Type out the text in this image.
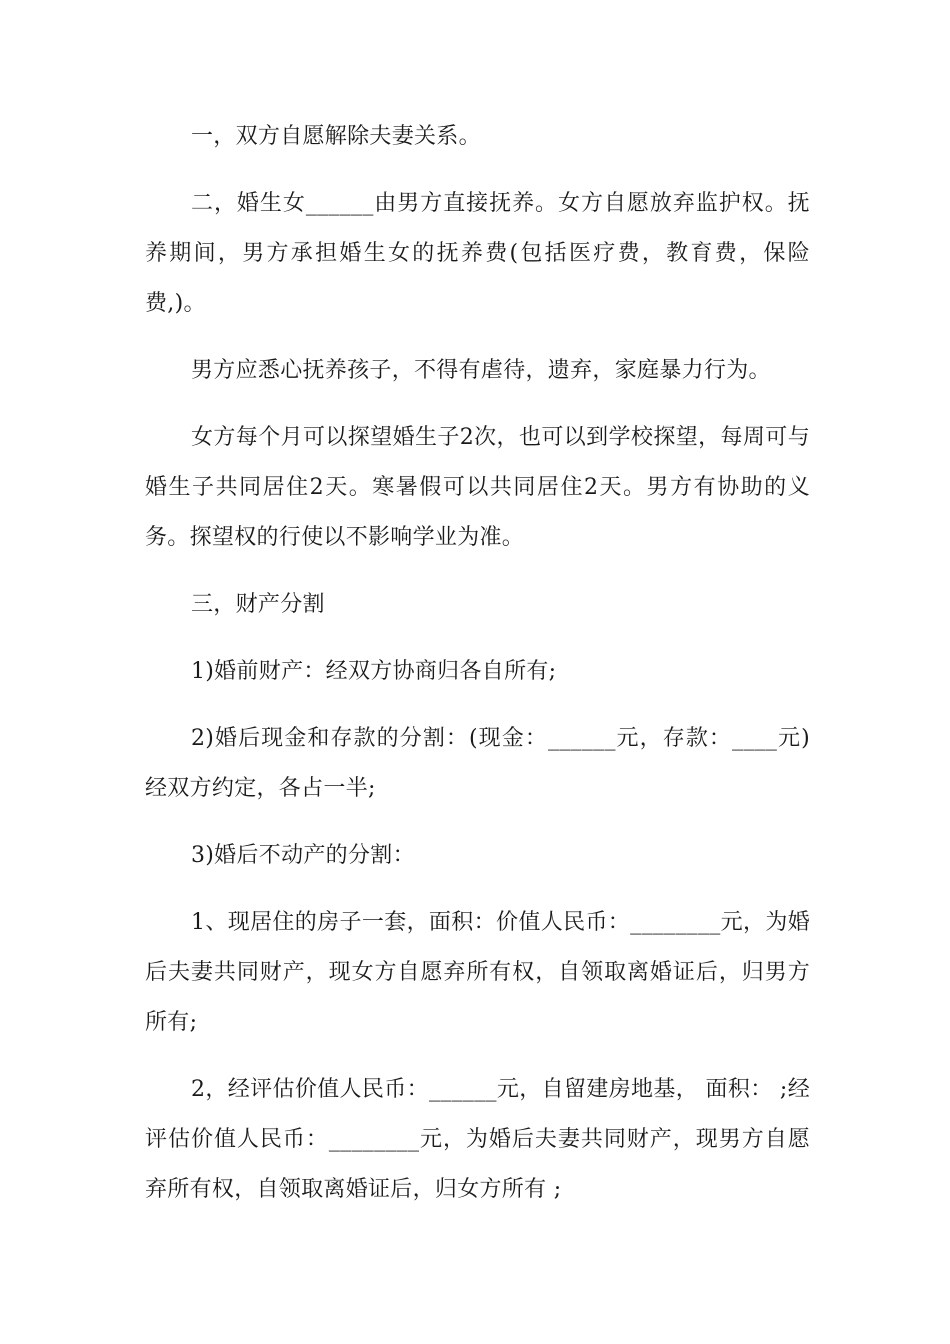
一，双方自愿解除夫妻关系。

二，婚生女______由男方直接抚养。女方自愿放弃监护权。抚养期间，男方承担婚生女的抚养费(包括医疗费，教育费，保险费,)。

男方应悉心抚养孩子，不得有虐待，遗弃，家庭暴力行为。

女方每个月可以探望婚生子2次，也可以到学校探望，每周可与婚生子共同居住2天。寒暑假可以共同居住2天。男方有协助的义务。探望权的行使以不影响学业为准。

三，财产分割

1)婚前财产：经双方协商归各自所有;

2)婚后现金和存款的分割：(现金：______元，存款：____元)经双方约定，各占一半;

3)婚后不动产的分割：

1、现居住的房子一套，面积：价值人民币：________元，为婚后夫妻共同财产，现女方自愿弃所有权，自领取离婚证后，归男方所有;

2，经评估价值人民币：______元，自留建房地基， 面积： ;经评估价值人民币：________元，为婚后夫妻共同财产，现男方自愿弃所有权，自领取离婚证后，归女方所有 ;
